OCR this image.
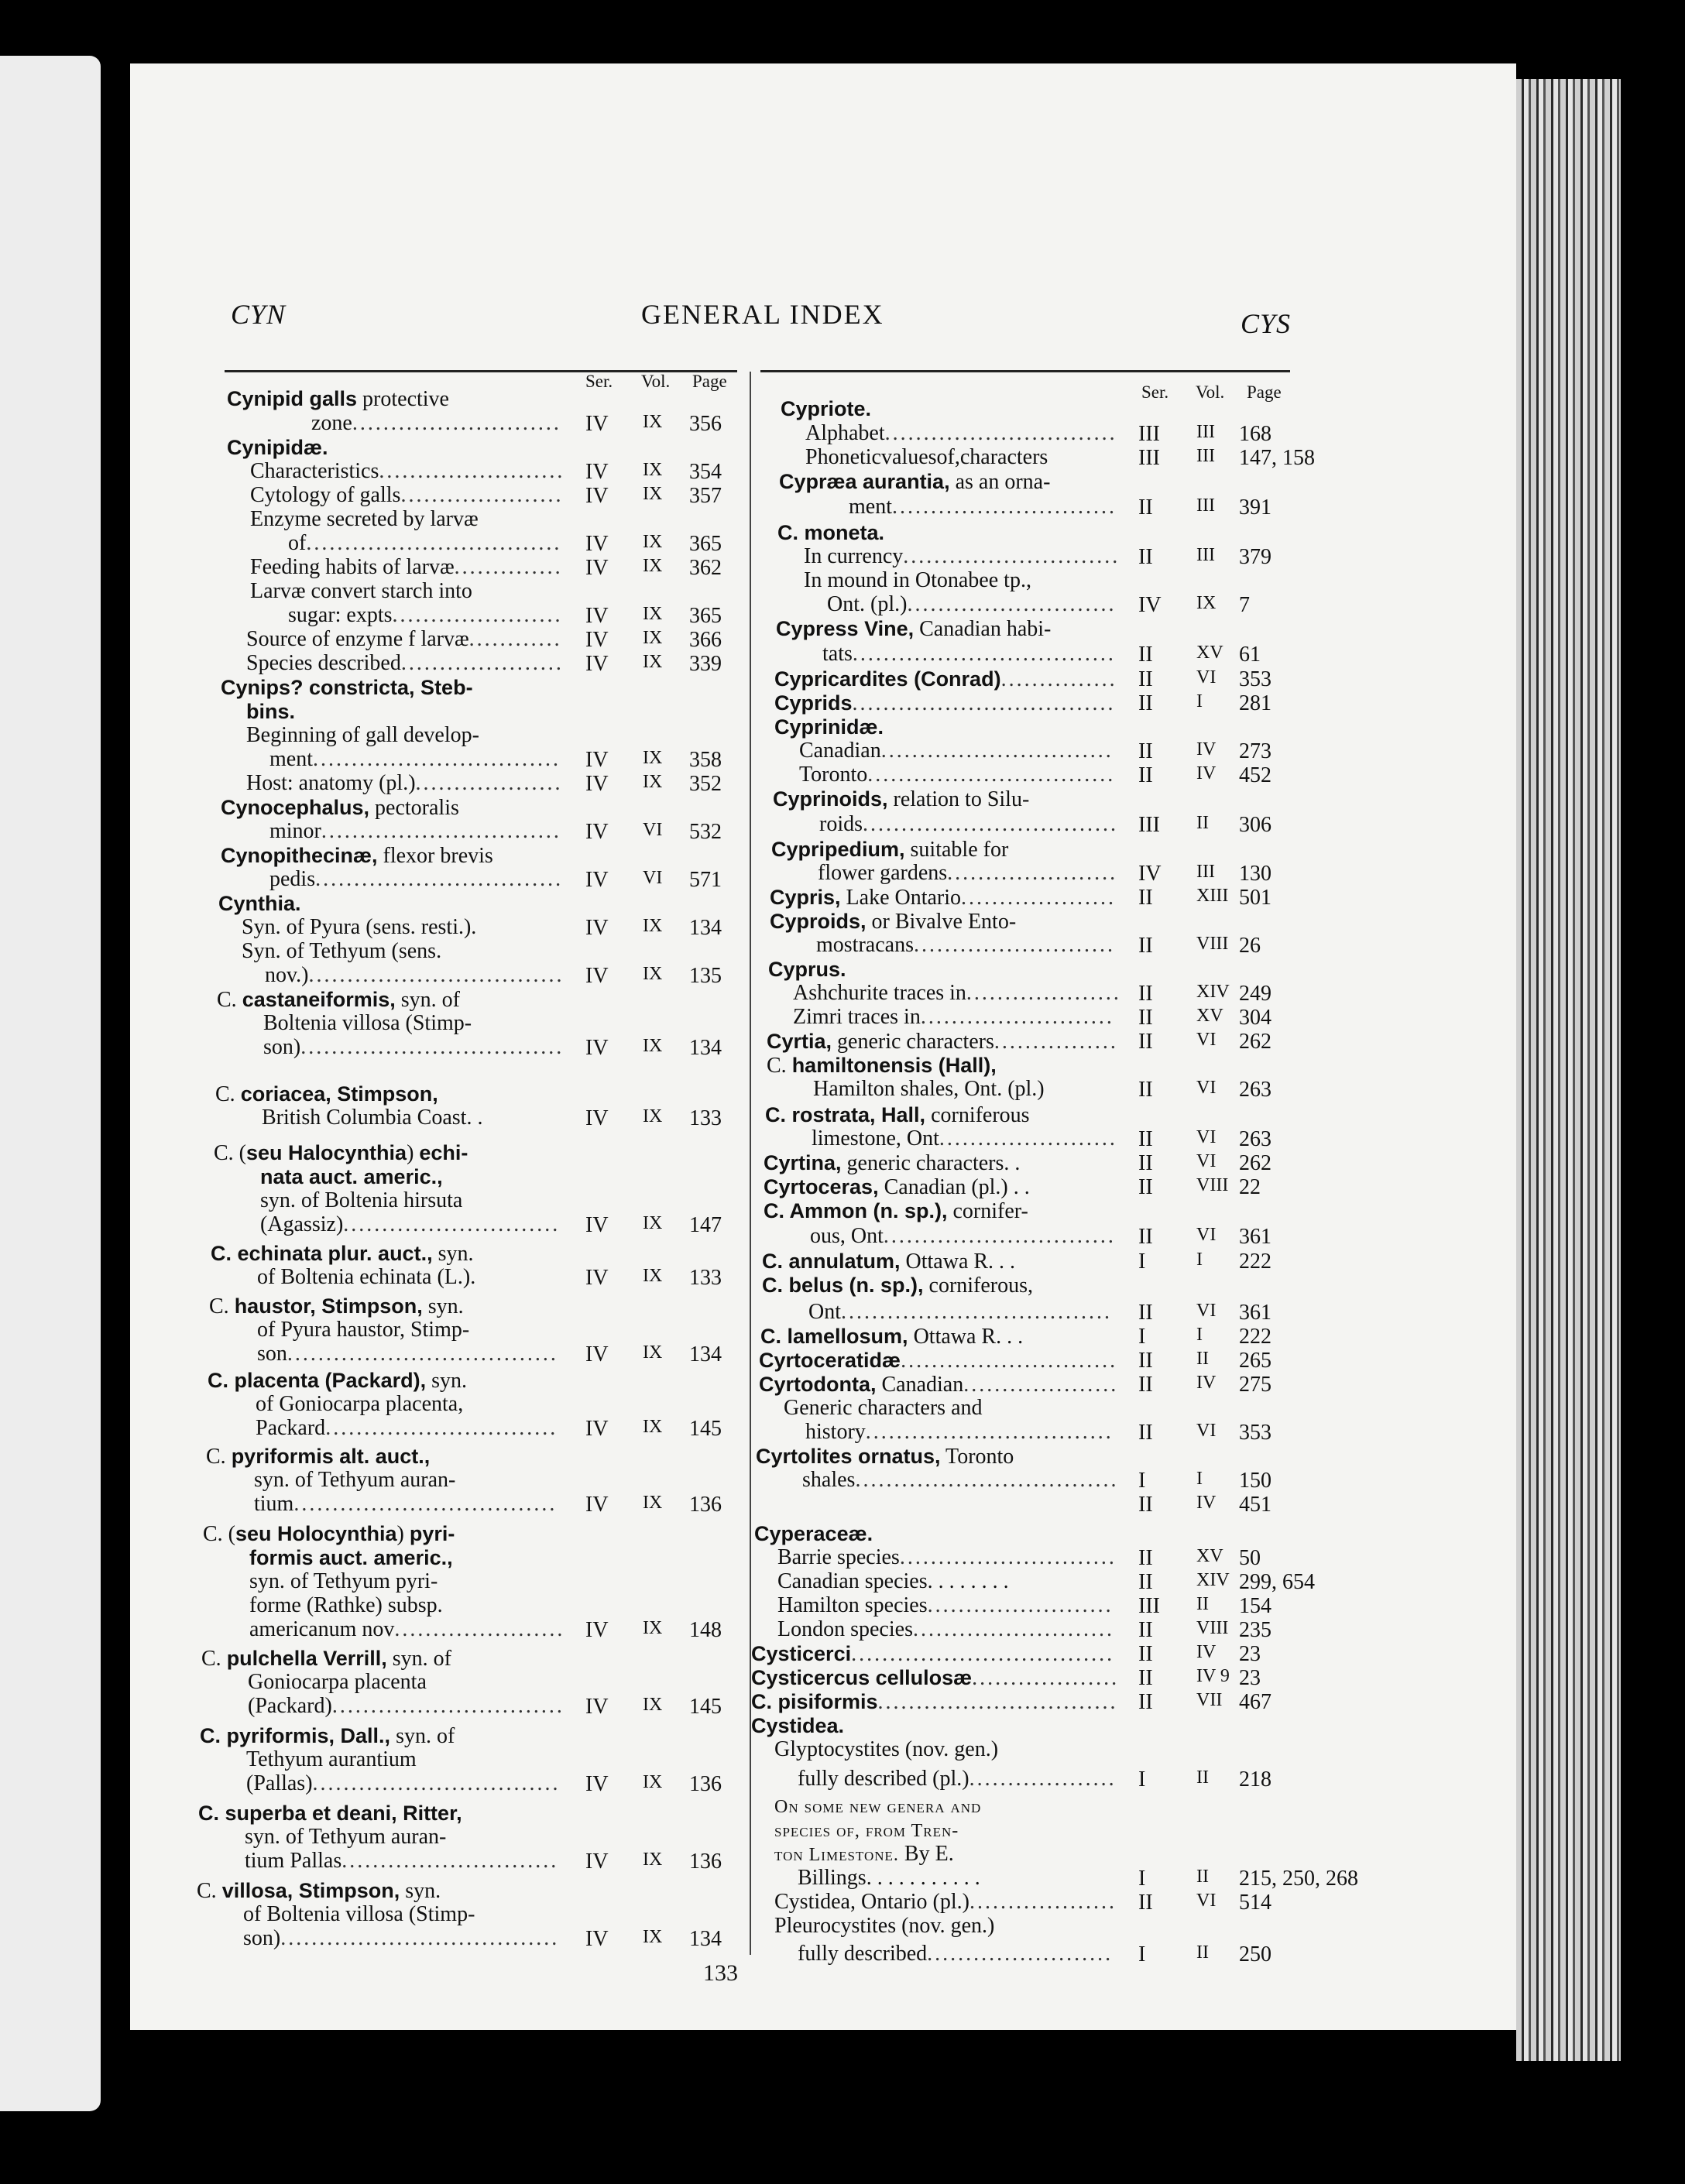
CYN	GENERAL INDEX	CYS
Ser. Vol. Page
Ser. Vol. Page
Cynipid galls protective
zone........................... IV IX 356
Cynipidæ.
Characteristics........................ IV IX 354
Cytology of galls..................... IV IX 357
Enzyme secreted by larvæ
of................................. IV IX 365
Feeding habits of larvæ.............. IV IX 362
Larvæ convert starch into
sugar: expts...................... IV IX 365
Source of enzyme f larvæ............ IV IX 366
Species described..................... IV IX 339
Cynips? constricta, Steb-
bins.
Beginning of gall develop-
ment................................ IV IX 358
Host: anatomy (pl.)................... IV IX 352
Cynocephalus, pectoralis
minor............................... IV VI 532
Cynopithecinæ, flexor brevis
pedis................................ IV VI 571
Cynthia.
Syn. of Pyura (sens. resti.).	IV IX 134
Syn. of Tethyum (sens.
nov.)................................. IV IX 135
C. castaneiformis, syn. of
Boltenia villosa (Stimp-
son).................................. IV IX 134
C. coriacea, Stimpson,
British Columbia Coast. .	IV IX 133
C. (seu Halocynthia) echi-
nata auct. americ.,
syn. of Boltenia hirsuta
(Agassiz)............................ IV IX 147
C. echinata plur. auct., syn.
of Boltenia echinata (L.).	IV IX 133
C. haustor, Stimpson, syn.
of Pyura haustor, Stimp-
son................................... IV IX 134
C. placenta (Packard), syn.
of Goniocarpa placenta,
Packard.............................. IV IX 145
C. pyriformis alt. auct.,
syn. of Tethyum auran-
tium.................................. IV IX 136
C. (seu Holocynthia) pyri-
formis auct. americ.,
syn. of Tethyum pyri-
forme (Rathke) subsp.
americanum nov...................... IV IX 148
C. pulchella Verrill, syn. of
Goniocarpa placenta
(Packard).............................. IV IX 145
C. pyriformis, Dall., syn. of
Tethyum aurantium
(Pallas)................................ IV IX 136
C. superba et deani, Ritter,
syn. of Tethyum auran-
tium Pallas............................ IV IX 136
C. villosa, Stimpson, syn.
of Boltenia villosa (Stimp-
son).................................... IV IX 134
Cypriote.
Alphabet.............................. III III 168
Phoneticvaluesof,characters	III III 147, 158
Cypræa aurantia, as an orna-
ment............................. II III 391
C. moneta.
In currency............................ II III 379
In mound in Otonabee tp.,
Ont. (pl.)........................... IV IX 7
Cypress Vine, Canadian habi-
tats.................................. II XV 61
Cypricardites (Conrad)............... II VI 353
Cyprids.................................. II I 281
Cyprinidæ.
Canadian.............................. II IV 273
Toronto................................ II IV 452
Cyprinoids, relation to Silu-
roids................................. III II 306
Cypripedium, suitable for
flower gardens...................... IV III 130
Cypris, Lake Ontario.................... II XIII 501
Cyproids, or Bivalve Ento-
mostracans.......................... II VIII 26
Cyprus.
Ashchurite traces in.................... II XIV 249
Zimri traces in......................... II XV 304
Cyrtia, generic characters................ II VI 262
C. hamiltonensis (Hall),
Hamilton shales, Ont. (pl.)	II VI 263
C. rostrata, Hall, corniferous
limestone, Ont....................... II VI 263
Cyrtina, generic characters. .	II VI 262
Cyrtoceras, Canadian (pl.) . .	II VIII 22
C. Ammon (n. sp.), cornifer-
ous, Ont.............................. II VI 361
C. annulatum, Ottawa R. . .	I	I 222
C. belus (n. sp.), corniferous,
Ont................................... II VI 361
C. lamellosum, Ottawa R. . .	I	I 222
Cyrtoceratidæ............................ II II 265
Cyrtodonta, Canadian.................... II IV 275
Generic characters and
history................................ II VI 353
Cyrtolites ornatus, Toronto
shales.................................. I	I 150
II IV 451
Cyperaceæ.
Barrie species............................ II XV 50
Canadian species. . . . . . . .	II XIV 299, 654
Hamilton species........................ III II 154
London species.......................... II VIII 235
Cysticerci.................................. II IV 23
Cysticercus cellulosæ................... II IV 9 23
C. pisiformis............................... II VII 467
Cystidea.
Glyptocystites (nov. gen.)
fully described (pl.)................... I	II 218
On some new genera and
species of, from Tren-
ton Limestone. By E.
Billings. . . . . . . . . . .	I	II 215, 250, 268
Cystidea, Ontario (pl.)................... II VI 514
Pleurocystites (nov. gen.)
fully described........................ I	II 250
133
